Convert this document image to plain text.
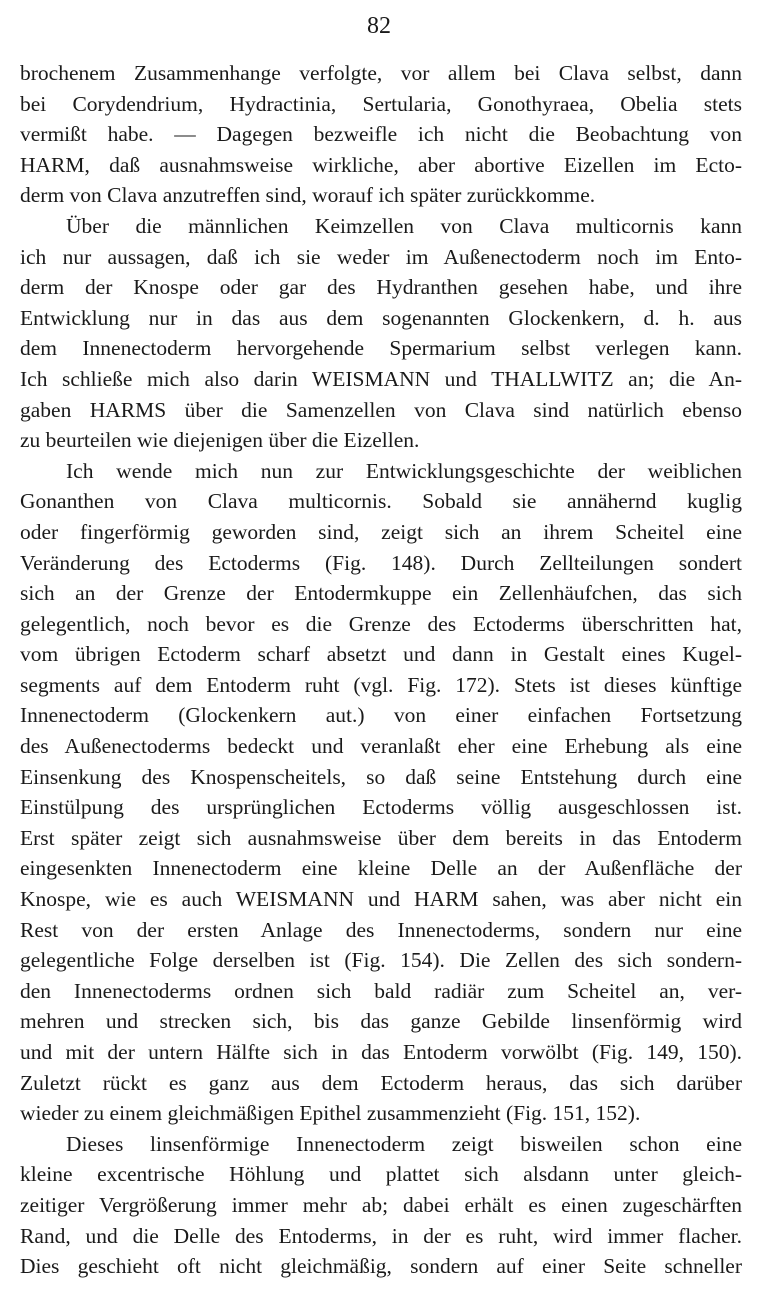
82
brochenem Zusammenhange verfolgte, vor allem bei Clava selbst, dann
bei Corydendrium, Hydractinia, Sertularia, Gonothyraea, Obelia stets
vermißt habe. — Dagegen bezweifle ich nicht die Beobachtung von
HARM, daß ausnahmsweise wirkliche, aber abortive Eizellen im Ecto-
derm von Clava anzutreffen sind, worauf ich später zurückkomme.
Über die männlichen Keimzellen von Clava multicornis kann
ich nur aussagen, daß ich sie weder im Außenectoderm noch im Ento-
derm der Knospe oder gar des Hydranthen gesehen habe, und ihre
Entwicklung nur in das aus dem sogenannten Glockenkern, d. h. aus
dem Innenectoderm hervorgehende Spermarium selbst verlegen kann.
Ich schließe mich also darin WEISMANN und THALLWITZ an; die An-
gaben HARMS über die Samenzellen von Clava sind natürlich ebenso
zu beurteilen wie diejenigen über die Eizellen.
Ich wende mich nun zur Entwicklungsgeschichte der weiblichen
Gonanthen von Clava multicornis. Sobald sie annähernd kuglig
oder fingerförmig geworden sind, zeigt sich an ihrem Scheitel eine
Veränderung des Ectoderms (Fig. 148). Durch Zellteilungen sondert
sich an der Grenze der Entodermkuppe ein Zellenhäufchen, das sich
gelegentlich, noch bevor es die Grenze des Ectoderms überschritten hat,
vom übrigen Ectoderm scharf absetzt und dann in Gestalt eines Kugel-
segments auf dem Entoderm ruht (vgl. Fig. 172). Stets ist dieses künftige
Innenectoderm (Glockenkern aut.) von einer einfachen Fortsetzung
des Außenectoderms bedeckt und veranlaßt eher eine Erhebung als eine
Einsenkung des Knospenscheitels, so daß seine Entstehung durch eine
Einstülpung des ursprünglichen Ectoderms völlig ausgeschlossen ist.
Erst später zeigt sich ausnahmsweise über dem bereits in das Entoderm
eingesenkten Innenectoderm eine kleine Delle an der Außenfläche der
Knospe, wie es auch WEISMANN und HARM sahen, was aber nicht ein
Rest von der ersten Anlage des Innenectoderms, sondern nur eine
gelegentliche Folge derselben ist (Fig. 154). Die Zellen des sich sondern-
den Innenectoderms ordnen sich bald radiär zum Scheitel an, ver-
mehren und strecken sich, bis das ganze Gebilde linsenförmig wird
und mit der untern Hälfte sich in das Entoderm vorwölbt (Fig. 149, 150).
Zuletzt rückt es ganz aus dem Ectoderm heraus, das sich darüber
wieder zu einem gleichmäßigen Epithel zusammenzieht (Fig. 151, 152).
Dieses linsenförmige Innenectoderm zeigt bisweilen schon eine
kleine excentrische Höhlung und plattet sich alsdann unter gleich-
zeitiger Vergrößerung immer mehr ab; dabei erhält es einen zugeschärften
Rand, und die Delle des Entoderms, in der es ruht, wird immer flacher.
Dies geschieht oft nicht gleichmäßig, sondern auf einer Seite schneller
